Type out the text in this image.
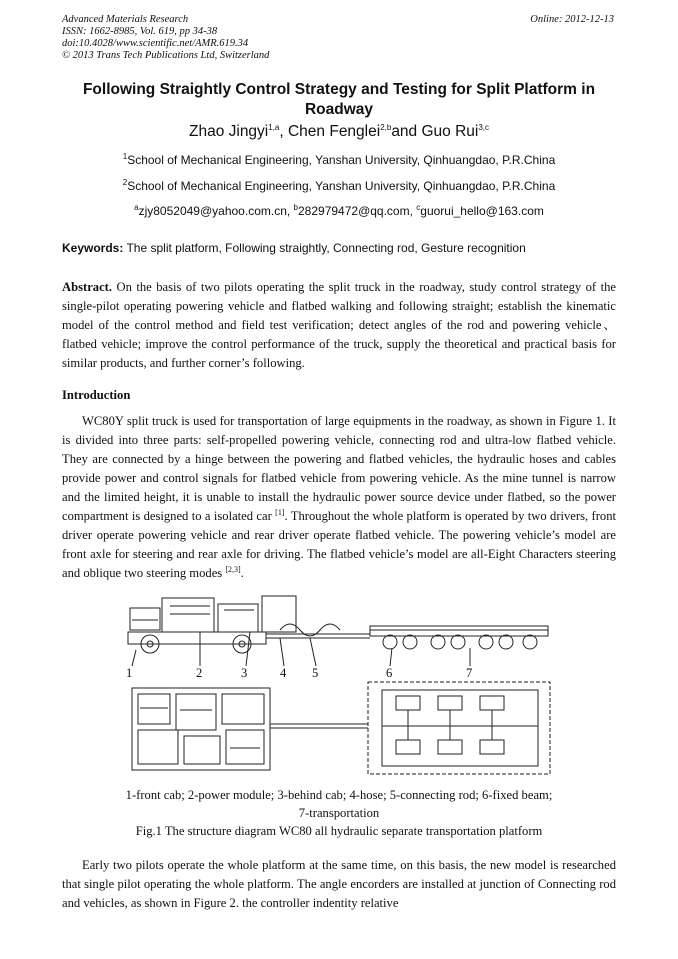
Advanced Materials Research
ISSN: 1662-8985, Vol. 619, pp 34-38
doi:10.4028/www.scientific.net/AMR.619.34
© 2013 Trans Tech Publications Ltd, Switzerland
Online: 2012-12-13
Following Straightly Control Strategy and Testing for Split Platform in Roadway
Zhao Jingyi$^{1,a}$, Chen Fenglei$^{2,b}$and Guo Rui$^{3,c}$
$^1$School of Mechanical Engineering, Yanshan University, Qinhuangdao, P.R.China
$^2$School of Mechanical Engineering, Yanshan University, Qinhuangdao, P.R.China
$^a$zjy8052049@yahoo.com.cn, $^b$282979472@qq.com, $^c$guorui_hello@163.com
Keywords: The split platform, Following straightly, Connecting rod, Gesture recognition
Abstract. On the basis of two pilots operating the split truck in the roadway, study control strategy of the single-pilot operating powering vehicle and flatbed walking and following straight; establish the kinematic model of the control method and field test verification; detect angles of the rod and powering vehicle、flatbed vehicle; improve the control performance of the truck, supply the theoretical and practical basis for similar products, and further corner’s following.
Introduction
WC80Y split truck is used for transportation of large equipments in the roadway, as shown in Figure 1. It is divided into three parts: self-propelled powering vehicle, connecting rod and ultra-low flatbed vehicle. They are connected by a hinge between the powering and flatbed vehicles, the hydraulic hoses and cables provide power and control signals for flatbed vehicle from powering vehicle. As the mine tunnel is narrow and the limited height, it is unable to install the hydraulic power source device under flatbed, so the power compartment is designed to a isolated car [1]. Throughout the whole platform is operated by two drivers, front driver operate powering vehicle and rear driver operate flatbed vehicle. The powering vehicle’s model are front axle for steering and rear axle for driving. The flatbed vehicle’s model are all-Eight Characters steering and oblique two steering modes [2,3].
1	2	3	4 5	6	7
1-front cab; 2-power module; 3-behind cab; 4-hose; 5-connecting rod; 6-fixed beam;
7-transportation
Fig.1 The structure diagram WC80 all hydraulic separate transportation platform
Early two pilots operate the whole platform at the same time, on this basis, the new model is researched that single pilot operating the whole platform. The angle encorders are installed at junction of Connecting rod and vehicles, as shown in Figure 2. the controller indentity relative
